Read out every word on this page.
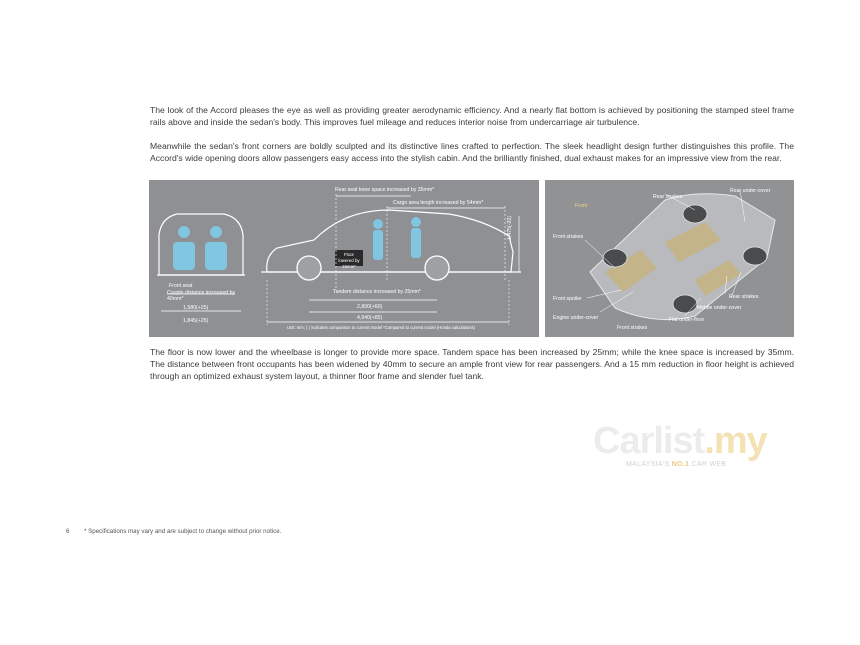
The look of the Accord pleases the eye as well as providing greater aerodynamic efficiency. And a nearly flat bottom is achieved by positioning the stamped steel frame rails above and inside the sedan's body. This improves fuel mileage and reduces interior noise from undercarriage air turbulence.

Meanwhile the sedan's front corners are boldly sculpted and its distinctive lines crafted to perfection. The sleek headlight design further distinguishes this profile. The Accord's wide opening doors allow passengers easy access into the stylish cabin. And the brilliantly finished, dual exhaust makes for an impressive view from the rear.

Rear seat knee space increased by 35mm*
Cargo area length increased by 54mm*
1,475(-20)
Floor lowered by 15mm*
Front seat
Couple distance increased by 40mm*
1,580(+25)
1,845(+25)
Tandem distance increased by 25mm*
2,800(+60)
4,940(+85)
Unit: mm; ( ) indicates comparison to current model *Compared to current model (Honda calculations)
Front
Rear strakes
Rear under-cover
Front strakes
Rear strakes
Middle under-cover
Front spoiler
Engine under-cover	Flat under-floor
Front strakes

The floor is now lower and the wheelbase is longer to provide more space. Tandem space has been increased by 25mm; while the knee space is increased by 35mm. The distance between front occupants has been widened by 40mm to secure an ample front view for rear passengers. And a 15 mm reduction in floor height is achieved through an optimized exhaust system layout, a thinner floor frame and slender fuel tank.

Carlist.my
MALAYSIA'S NO.1 CAR WEB
6 * Specifications may vary and are subject to change without prior notice.
